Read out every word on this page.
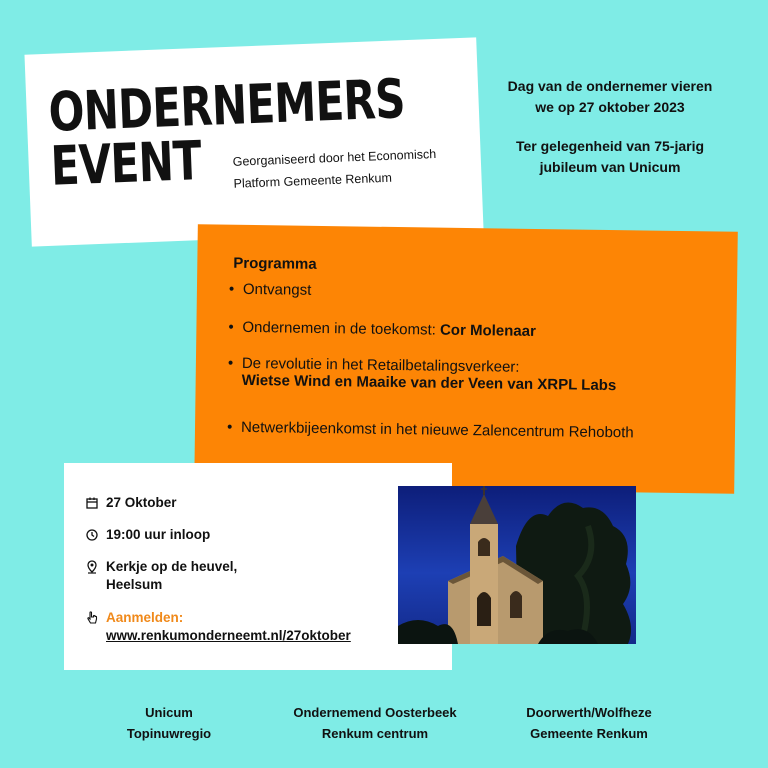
ONDERNEMERS
EVENT	Georganiseerd door het Economisch
Platform Gemeente Renkum

Dag van de ondernemer vieren
we op 27 oktober 2023

Ter gelegenheid van 75-jarig
jubileum van Unicum

Programma
• Ontvangst
• Ondernemen in de toekomst: Cor Molenaar
• De revolutie in het Retailbetalingsverkeer:
Wietse Wind en Maaike van der Veen van XRPL Labs
• Netwerkbijeenkomst in het nieuwe Zalencentrum Rehoboth
27 Oktober
19:00 uur inloop
Kerkje op de heuvel,
Heelsum
Aanmelden:
www.renkumonderneemt.nl/27oktober
Unicum
Topinuwregio
Ondernemend Oosterbeek
Renkum centrum
Doorwerth/Wolfheze
Gemeente Renkum
